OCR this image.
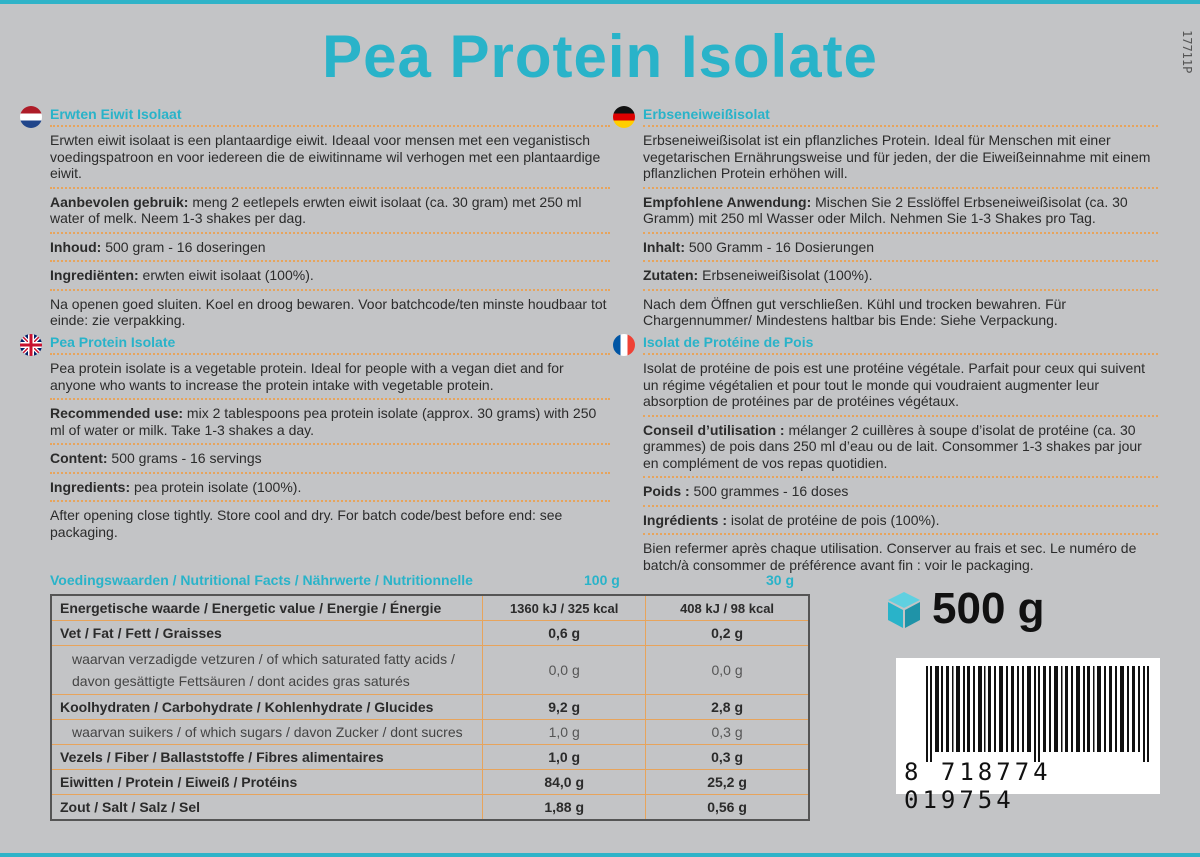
Pea Protein Isolate	17711P
Erwten Eiwit Isolaat
Erwten eiwit isolaat is een plantaardige eiwit. Ideaal voor mensen met een veganistisch voedingspatroon en voor iedereen die de eiwitinname wil verhogen met een plantaardige eiwit.
Aanbevolen gebruik: meng 2 eetlepels erwten eiwit isolaat (ca. 30 gram) met 250 ml water of melk. Neem 1-3 shakes per dag.
Inhoud: 500 gram - 16 doseringen
Ingrediënten: erwten eiwit isolaat (100%).
Na openen goed sluiten. Koel en droog bewaren. Voor batchcode/ten minste houdbaar tot einde: zie verpakking.
Pea Protein Isolate
Pea protein isolate is a vegetable protein. Ideal for people with a vegan diet and for anyone who wants to increase the protein intake with vegetable protein.
Recommended use: mix 2 tablespoons pea protein isolate (approx. 30 grams) with 250 ml of water or milk. Take 1-3 shakes a day.
Content: 500 grams - 16 servings
Ingredients: pea protein isolate (100%).
After opening close tightly. Store cool and dry. For batch code/best before end: see packaging.
Erbseneiweißisolat
Erbseneiweißisolat ist ein pflanzliches Protein. Ideal für Menschen mit einer vegetarischen Ernährungsweise und für jeden, der die Eiweißeinnahme mit einem pflanzlichen Protein erhöhen will.
Empfohlene Anwendung: Mischen Sie 2 Esslöffel Erbseneiweißisolat (ca. 30 Gramm) mit 250 ml Wasser oder Milch. Nehmen Sie 1-3 Shakes pro Tag.
Inhalt: 500 Gramm - 16 Dosierungen
Zutaten: Erbseneiweißisolat (100%).
Nach dem Öffnen gut verschließen. Kühl und trocken bewahren. Für Chargennummer/ Mindestens haltbar bis Ende: Siehe Verpackung.
Isolat de Protéine de Pois
Isolat de protéine de pois est une protéine végétale. Parfait pour ceux qui suivent un régime végétalien et pour tout le monde qui voudraient augmenter leur absorption de protéines par de protéines végétaux.
Conseil d’utilisation : mélanger 2 cuillères à soupe d’isolat de protéine (ca. 30 grammes) de pois dans 250 ml d’eau ou de lait. Consommer 1-3 shakes par jour en complément de vos repas quotidien.
Poids : 500 grammes - 16 doses
Ingrédients : isolat de protéine de pois (100%).
Bien refermer après chaque utilisation. Conserver au frais et sec. Le numéro de batch/à consommer de préférence avant fin : voir le packaging.
Voedingswaarden / Nutritional Facts / Nährwerte / Nutritionnelle	100 g	30 g
Energetische waarde / Energetic value / Energie / Énergie	1360 kJ / 325 kcal	408 kJ / 98 kcal
Vet / Fat / Fett / Graisses	0,6 g	0,2 g
waarvan verzadigde vetzuren / of which saturated fatty acids / davon gesättigte Fettsäuren / dont acides gras saturés	0,0 g	0,0 g
Koolhydraten / Carbohydrate / Kohlenhydrate / Glucides	9,2 g	2,8 g
waarvan suikers / of which sugars / davon Zucker / dont sucres	1,0 g	0,3 g
Vezels / Fiber / Ballaststoffe / Fibres alimentaires	1,0 g	0,3 g
Eiwitten / Protein / Eiweiß / Protéins	84,0 g	25,2 g
Zout / Salt / Salz / Sel	1,88 g	0,56 g
500 g
8 718774 019754
